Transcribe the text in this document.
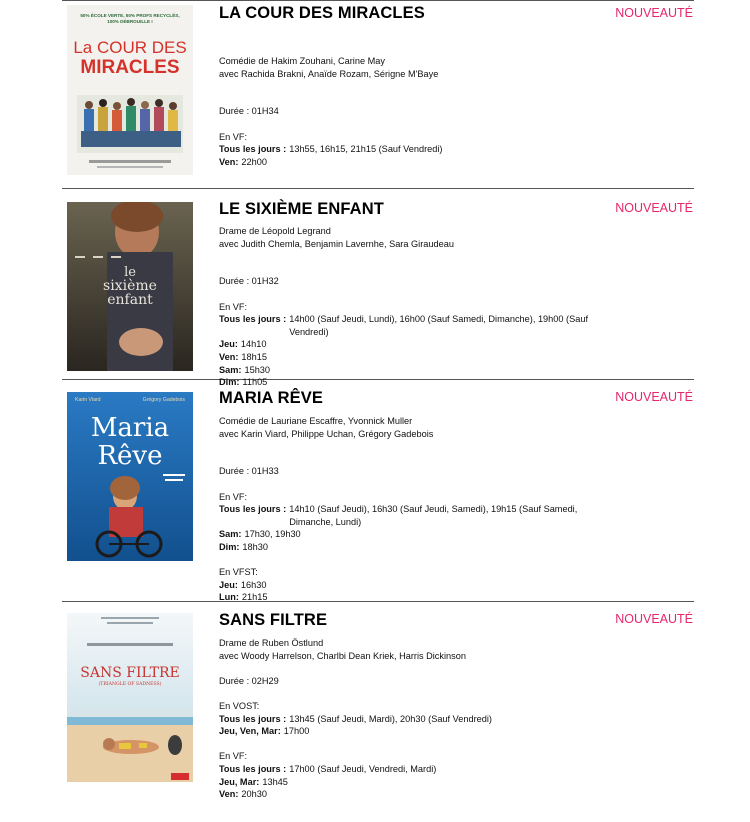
50% ÉCOLE VERTE, 50% PROFS RECYCLÉS,
100% DÉBROUILLE !
La COUR DES
MIRACLES
LA COUR DES MIRACLES	NOUVEAUTÉ
Comédie de Hakim Zouhani, Carine May
avec Rachida Brakni, Anaïde Rozam, Sérigne M'Baye
Durée : 01H34
En VF:
Tous les jours : 13h55, 16h15, 21h15 (Sauf Vendredi)
Ven: 22h00
le
sixième
enfant
LE SIXIÈME ENFANT	NOUVEAUTÉ
Drame de Léopold Legrand
avec Judith Chemla, Benjamin Lavernhe, Sara Giraudeau
Durée : 01H32
En VF:
Tous les jours : 14h00 (Sauf Jeudi, Lundi), 16h00 (Sauf Samedi, Dimanche), 19h00 (Sauf Vendredi)
Jeu: 14h10
Ven: 18h15
Sam: 15h30
Dim: 11h05
Karin Viard	Grégory Gadebois
Maria
Rêve
MARIA RÊVE	NOUVEAUTÉ
Comédie de Lauriane Escaffre, Yvonnick Muller
avec Karin Viard, Philippe Uchan, Grégory Gadebois
Durée : 01H33
En VF:
Tous les jours : 14h10 (Sauf Jeudi), 16h30 (Sauf Jeudi, Samedi), 19h15 (Sauf Samedi, Dimanche, Lundi)
Sam: 17h30, 19h30
Dim: 18h30
En VFST:
Jeu: 16h30
Lun: 21h15
SANS FILTRE
(TRIANGLE OF SADNESS)
SANS FILTRE	NOUVEAUTÉ
Drame de Ruben Östlund
avec Woody Harrelson, Charlbi Dean Kriek, Harris Dickinson
Durée : 02H29
En VOST:
Tous les jours : 13h45 (Sauf Jeudi, Mardi), 20h30 (Sauf Vendredi)
Jeu, Ven, Mar: 17h00
En VF:
Tous les jours : 17h00 (Sauf Jeudi, Vendredi, Mardi)
Jeu, Mar: 13h45
Ven: 20h30
